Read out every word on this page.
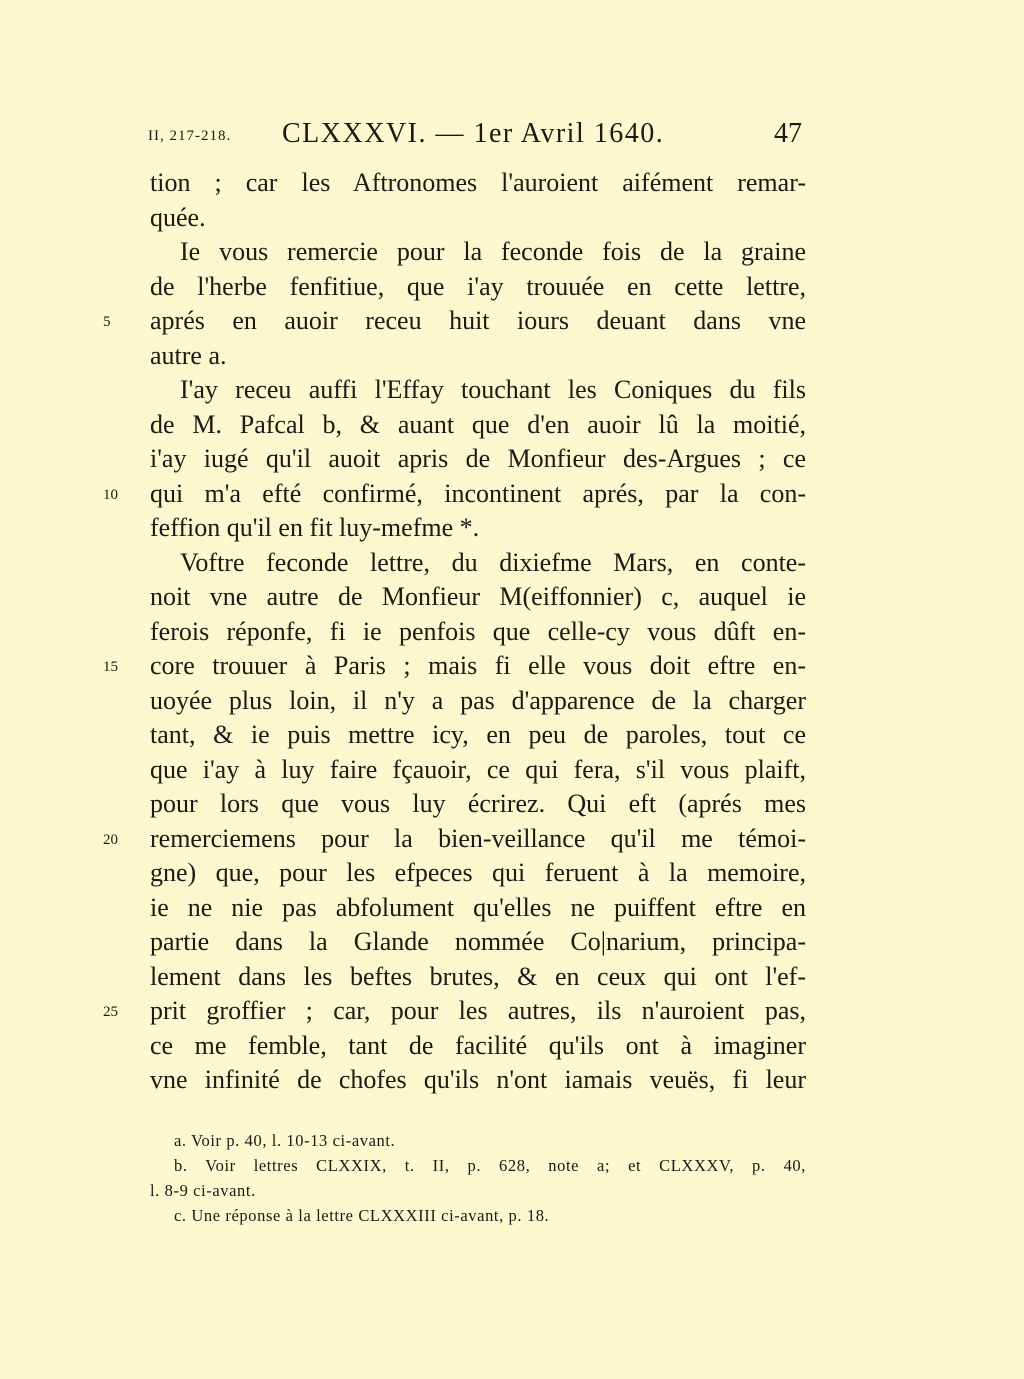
II, 217-218. CLXXXVI. — 1er Avril 1640.	47
tion ; car les Aftronomes l'auroient aifément remar-
quée.
Ie vous remercie pour la feconde fois de la graine
de l'herbe fenfitiue, que i'ay trouuée en cette lettre,
5	aprés en auoir receu huit iours deuant dans vne
autre a.
I'ay receu auffi l'Effay touchant les Coniques du fils
de M. Pafcal b, & auant que d'en auoir lû la moitié,
i'ay iugé qu'il auoit apris de Monfieur des-Argues ; ce
10	qui m'a efté confirmé, incontinent aprés, par la con-
feffion qu'il en fit luy-mefme *.
Voftre feconde lettre, du dixiefme Mars, en conte-
noit vne autre de Monfieur M(eiffonnier) c, auquel ie
ferois réponfe, fi ie penfois que celle-cy vous dûft en-
15	core trouuer à Paris ; mais fi elle vous doit eftre en-
uoyée plus loin, il n'y a pas d'apparence de la charger
tant, & ie puis mettre icy, en peu de paroles, tout ce
que i'ay à luy faire fçauoir, ce qui fera, s'il vous plaift,
pour lors que vous luy écrirez. Qui eft (aprés mes
20	remerciemens pour la bien-veillance qu'il me témoi-
gne) que, pour les efpeces qui feruent à la memoire,
ie ne nie pas abfolument qu'elles ne puiffent eftre en
partie dans la Glande nommée Co|narium, principa-
lement dans les beftes brutes, & en ceux qui ont l'ef-
25	prit groffier ; car, pour les autres, ils n'auroient pas,
ce me femble, tant de facilité qu'ils ont à imaginer
vne infinité de chofes qu'ils n'ont iamais veuës, fi leur
a. Voir p. 40, l. 10-13 ci-avant.
b. Voir lettres CLXXIX, t. II, p. 628, note a; et CLXXXV, p. 40,
l. 8-9 ci-avant.
c. Une réponse à la lettre CLXXXIII ci-avant, p. 18.
